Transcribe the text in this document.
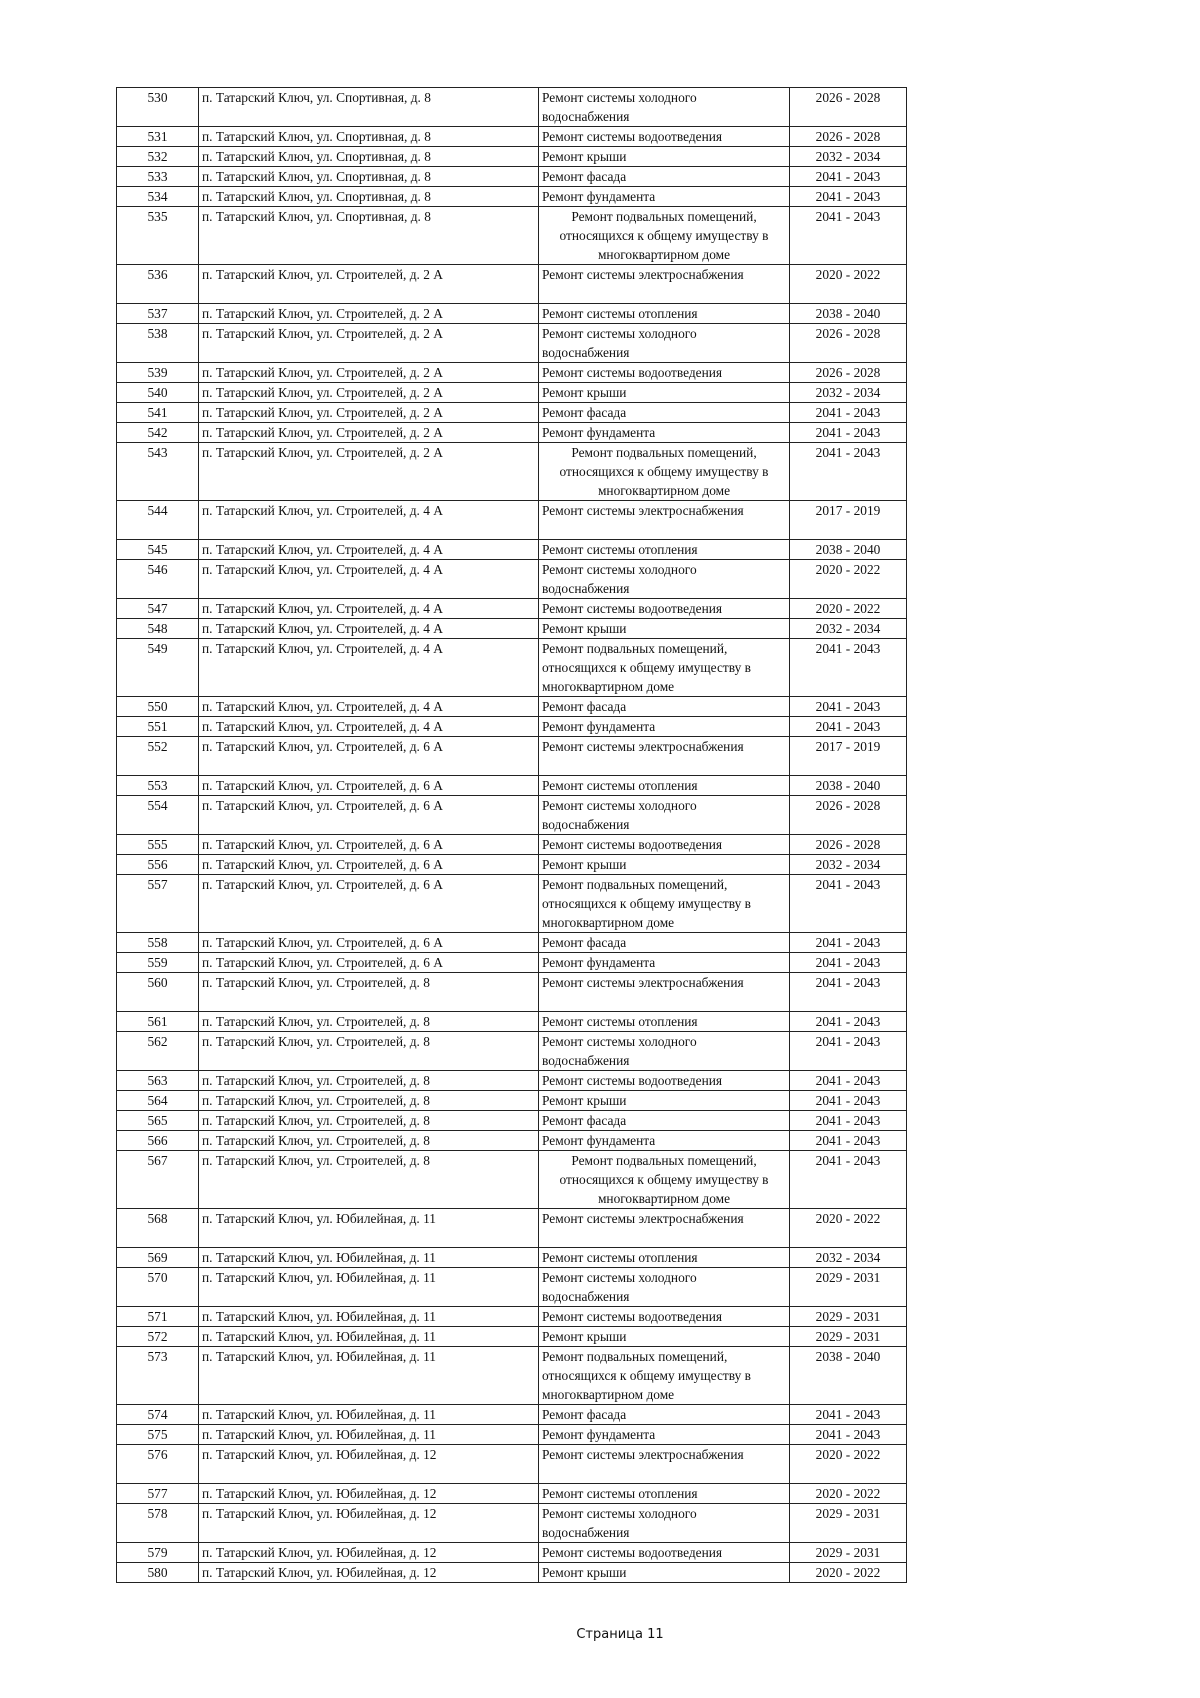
530	п. Татарский Ключ, ул. Спортивная, д. 8	Ремонт системы холодного водоснабжения	2026 - 2028
531	п. Татарский Ключ, ул. Спортивная, д. 8	Ремонт системы водоотведения	2026 - 2028
532	п. Татарский Ключ, ул. Спортивная, д. 8	Ремонт крыши	2032 - 2034
533	п. Татарский Ключ, ул. Спортивная, д. 8	Ремонт фасада	2041 - 2043
534	п. Татарский Ключ, ул. Спортивная, д. 8	Ремонт фундамента	2041 - 2043
535	п. Татарский Ключ, ул. Спортивная, д. 8	Ремонт подвальных помещений, относящихся к общему имуществу в многоквартирном доме	2041 - 2043
536	п. Татарский Ключ, ул. Строителей, д. 2 А	Ремонт системы электроснабжения	2020 - 2022
537	п. Татарский Ключ, ул. Строителей, д. 2 А	Ремонт системы отопления	2038 - 2040
538	п. Татарский Ключ, ул. Строителей, д. 2 А	Ремонт системы холодного водоснабжения	2026 - 2028
539	п. Татарский Ключ, ул. Строителей, д. 2 А	Ремонт системы водоотведения	2026 - 2028
540	п. Татарский Ключ, ул. Строителей, д. 2 А	Ремонт крыши	2032 - 2034
541	п. Татарский Ключ, ул. Строителей, д. 2 А	Ремонт фасада	2041 - 2043
542	п. Татарский Ключ, ул. Строителей, д. 2 А	Ремонт фундамента	2041 - 2043
543	п. Татарский Ключ, ул. Строителей, д. 2 А	Ремонт подвальных помещений, относящихся к общему имуществу в многоквартирном доме	2041 - 2043
544	п. Татарский Ключ, ул. Строителей, д. 4 А	Ремонт системы электроснабжения	2017 - 2019
545	п. Татарский Ключ, ул. Строителей, д. 4 А	Ремонт системы отопления	2038 - 2040
546	п. Татарский Ключ, ул. Строителей, д. 4 А	Ремонт системы холодного водоснабжения	2020 - 2022
547	п. Татарский Ключ, ул. Строителей, д. 4 А	Ремонт системы водоотведения	2020 - 2022
548	п. Татарский Ключ, ул. Строителей, д. 4 А	Ремонт крыши	2032 - 2034
549	п. Татарский Ключ, ул. Строителей, д. 4 А	Ремонт подвальных помещений, относящихся к общему имуществу в многоквартирном доме	2041 - 2043
550	п. Татарский Ключ, ул. Строителей, д. 4 А	Ремонт фасада	2041 - 2043
551	п. Татарский Ключ, ул. Строителей, д. 4 А	Ремонт фундамента	2041 - 2043
552	п. Татарский Ключ, ул. Строителей, д. 6 А	Ремонт системы электроснабжения	2017 - 2019
553	п. Татарский Ключ, ул. Строителей, д. 6 А	Ремонт системы отопления	2038 - 2040
554	п. Татарский Ключ, ул. Строителей, д. 6 А	Ремонт системы холодного водоснабжения	2026 - 2028
555	п. Татарский Ключ, ул. Строителей, д. 6 А	Ремонт системы водоотведения	2026 - 2028
556	п. Татарский Ключ, ул. Строителей, д. 6 А	Ремонт крыши	2032 - 2034
557	п. Татарский Ключ, ул. Строителей, д. 6 А	Ремонт подвальных помещений, относящихся к общему имуществу в многоквартирном доме	2041 - 2043
558	п. Татарский Ключ, ул. Строителей, д. 6 А	Ремонт фасада	2041 - 2043
559	п. Татарский Ключ, ул. Строителей, д. 6 А	Ремонт фундамента	2041 - 2043
560	п. Татарский Ключ, ул. Строителей, д. 8	Ремонт системы электроснабжения	2041 - 2043
561	п. Татарский Ключ, ул. Строителей, д. 8	Ремонт системы отопления	2041 - 2043
562	п. Татарский Ключ, ул. Строителей, д. 8	Ремонт системы холодного водоснабжения	2041 - 2043
563	п. Татарский Ключ, ул. Строителей, д. 8	Ремонт системы водоотведения	2041 - 2043
564	п. Татарский Ключ, ул. Строителей, д. 8	Ремонт крыши	2041 - 2043
565	п. Татарский Ключ, ул. Строителей, д. 8	Ремонт фасада	2041 - 2043
566	п. Татарский Ключ, ул. Строителей, д. 8	Ремонт фундамента	2041 - 2043
567	п. Татарский Ключ, ул. Строителей, д. 8	Ремонт подвальных помещений, относящихся к общему имуществу в многоквартирном доме	2041 - 2043
568	п. Татарский Ключ, ул. Юбилейная, д. 11	Ремонт системы электроснабжения	2020 - 2022
569	п. Татарский Ключ, ул. Юбилейная, д. 11	Ремонт системы отопления	2032 - 2034
570	п. Татарский Ключ, ул. Юбилейная, д. 11	Ремонт системы холодного водоснабжения	2029 - 2031
571	п. Татарский Ключ, ул. Юбилейная, д. 11	Ремонт системы водоотведения	2029 - 2031
572	п. Татарский Ключ, ул. Юбилейная, д. 11	Ремонт крыши	2029 - 2031
573	п. Татарский Ключ, ул. Юбилейная, д. 11	Ремонт подвальных помещений, относящихся к общему имуществу в многоквартирном доме	2038 - 2040
574	п. Татарский Ключ, ул. Юбилейная, д. 11	Ремонт фасада	2041 - 2043
575	п. Татарский Ключ, ул. Юбилейная, д. 11	Ремонт фундамента	2041 - 2043
576	п. Татарский Ключ, ул. Юбилейная, д. 12	Ремонт системы электроснабжения	2020 - 2022
577	п. Татарский Ключ, ул. Юбилейная, д. 12	Ремонт системы отопления	2020 - 2022
578	п. Татарский Ключ, ул. Юбилейная, д. 12	Ремонт системы холодного водоснабжения	2029 - 2031
579	п. Татарский Ключ, ул. Юбилейная, д. 12	Ремонт системы водоотведения	2029 - 2031
580	п. Татарский Ключ, ул. Юбилейная, д. 12	Ремонт крыши	2020 - 2022
Страница 11
